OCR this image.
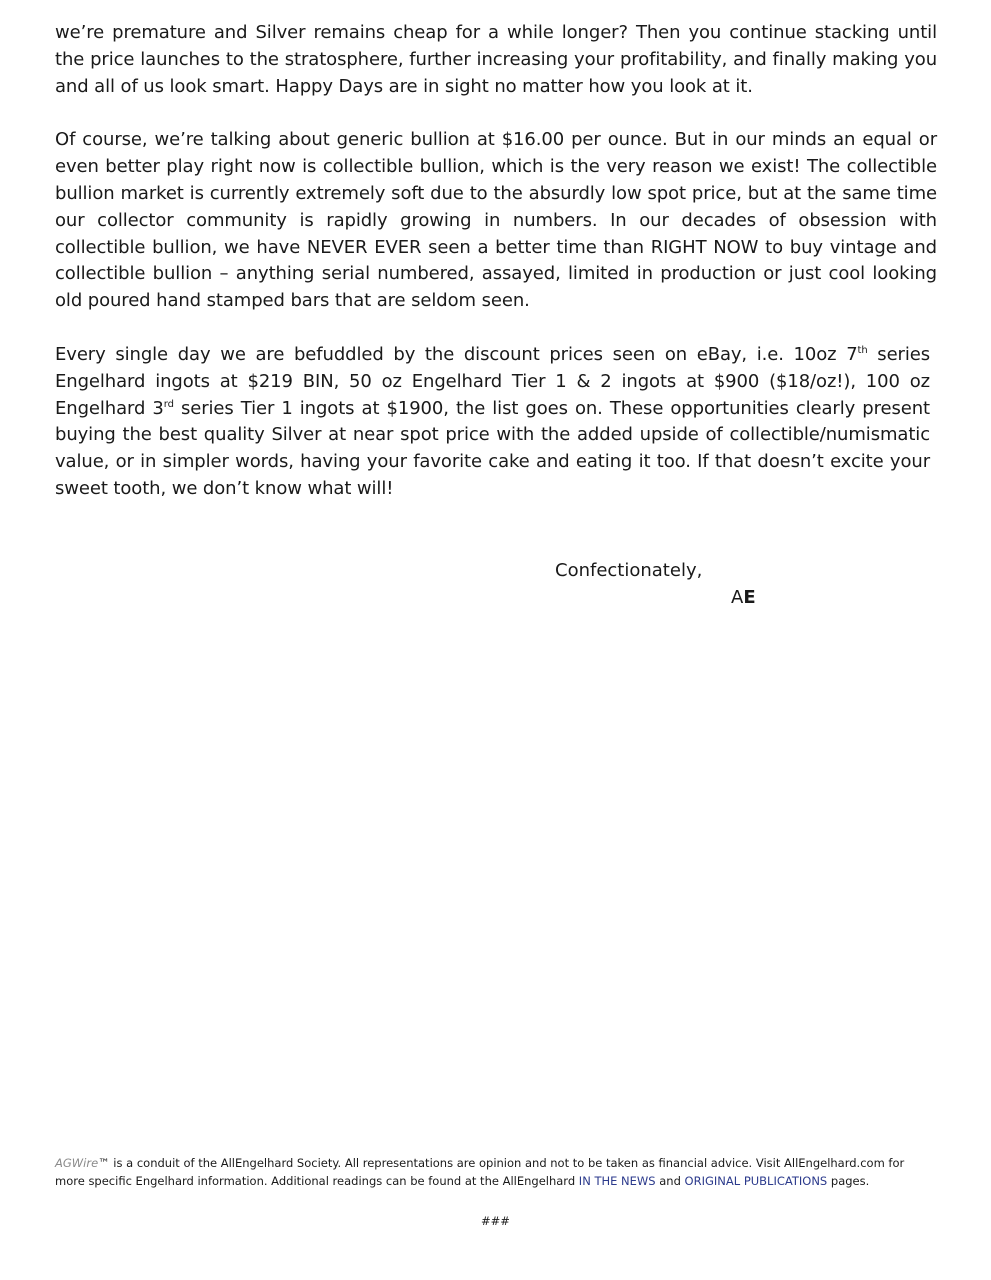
we’re premature and Silver remains cheap for a while longer? Then you continue stacking until the price launches to the stratosphere, further increasing your profitability, and finally making you and all of us look smart. Happy Days are in sight no matter how you look at it.

Of course, we’re talking about generic bullion at $16.00 per ounce. But in our minds an equal or even better play right now is collectible bullion, which is the very reason we exist! The collectible bullion market is currently extremely soft due to the absurdly low spot price, but at the same time our collector community is rapidly growing in numbers. In our decades of obsession with collectible bullion, we have NEVER EVER seen a better time than RIGHT NOW to buy vintage and collectible bullion – anything serial numbered, assayed, limited in production or just cool looking old poured hand stamped bars that are seldom seen.

Every single day we are befuddled by the discount prices seen on eBay, i.e. 10oz 7th series Engelhard ingots at $219 BIN, 50 oz Engelhard Tier 1 & 2 ingots at $900 ($18/oz!), 100 oz Engelhard 3rd series Tier 1 ingots at $1900, the list goes on. These opportunities clearly present buying the best quality Silver at near spot price with the added upside of collectible/numismatic value, or in simpler words, having your favorite cake and eating it too. If that doesn’t excite your sweet tooth, we don’t know what will!

Confectionately,
AE
AGWire™ is a conduit of the AllEngelhard Society. All representations are opinion and not to be taken as financial advice. Visit AllEngelhard.com for more specific Engelhard information. Additional readings can be found at the AllEngelhard IN THE NEWS and ORIGINAL PUBLICATIONS pages.
###
